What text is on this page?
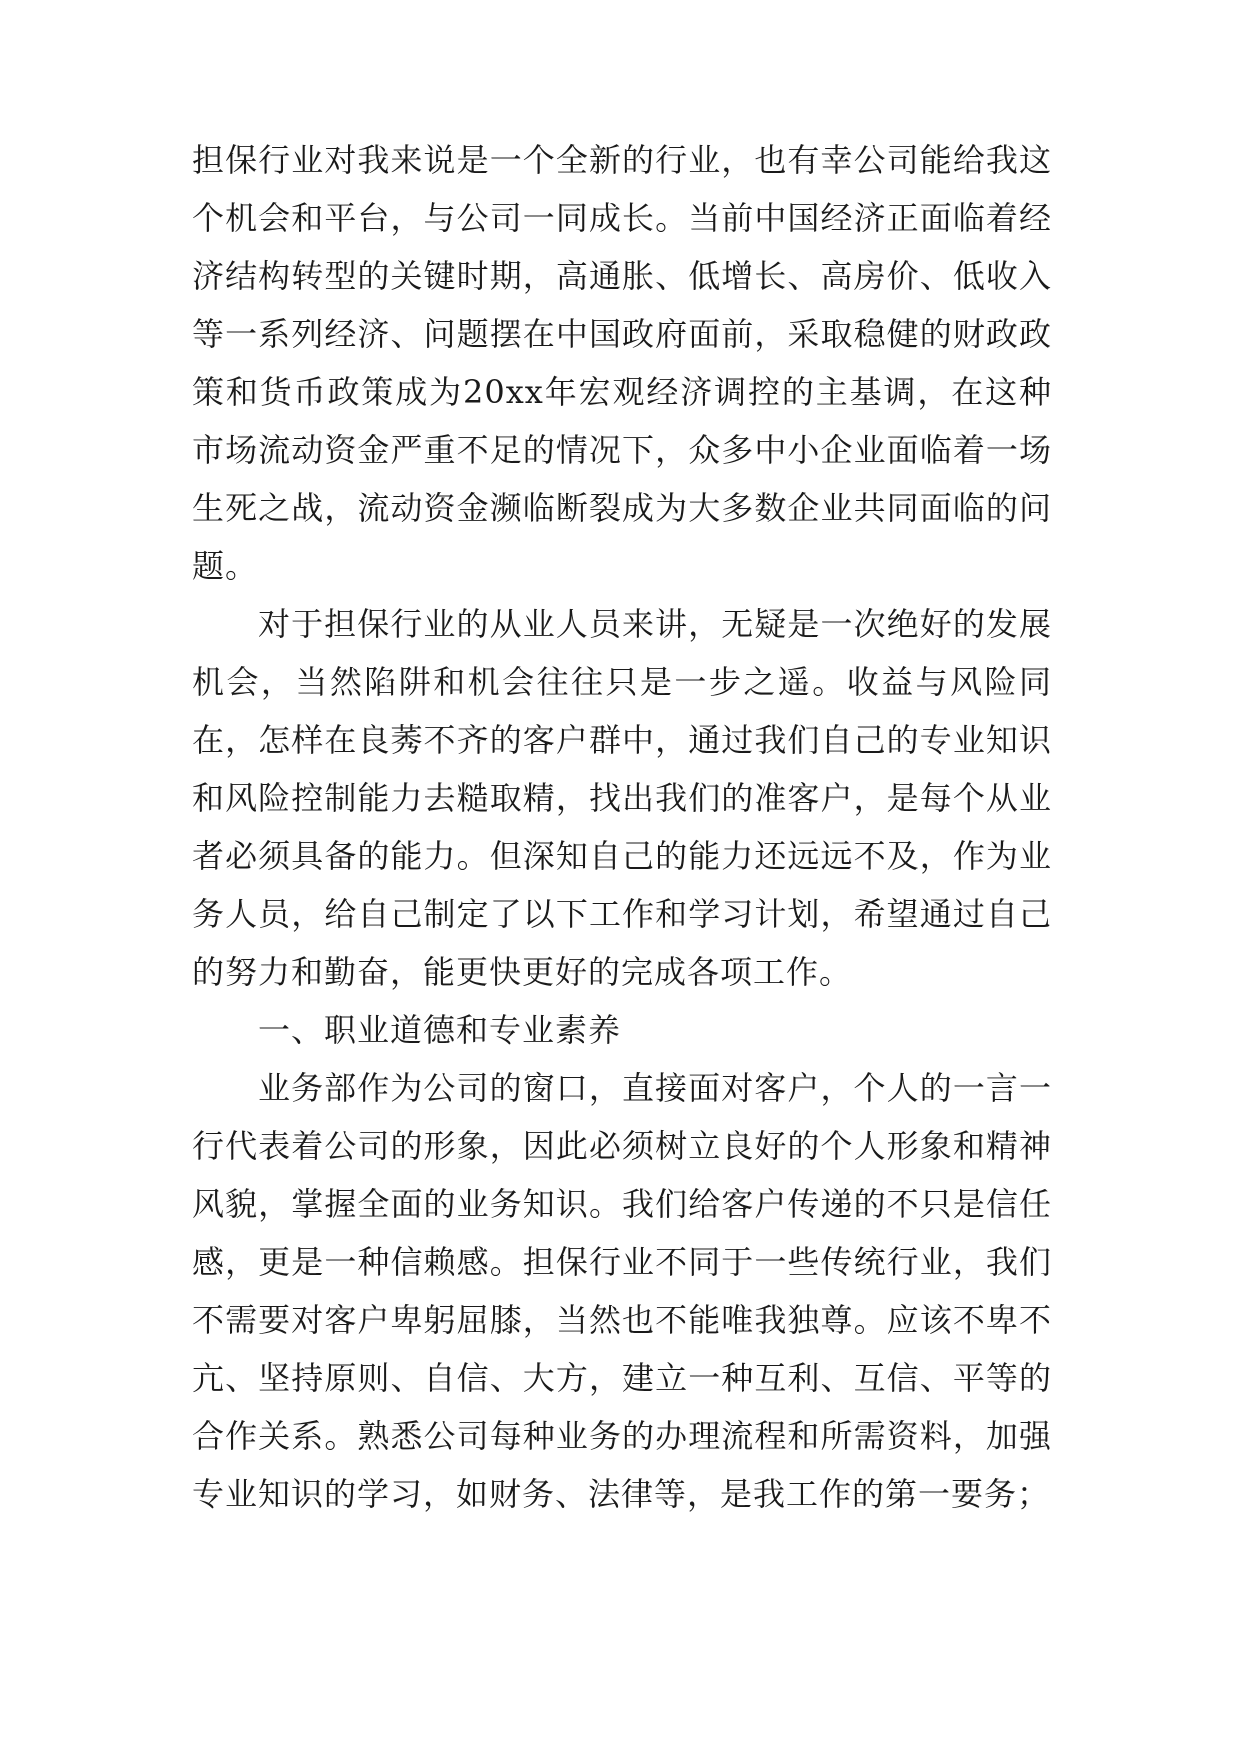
担保行业对我来说是一个全新的行业，也有幸公司能给我这个机会和平台，与公司一同成长。当前中国经济正面临着经济结构转型的关键时期，高通胀、低增长、高房价、低收入等一系列经济、问题摆在中国政府面前，采取稳健的财政政策和货币政策成为20xx年宏观经济调控的主基调，在这种市场流动资金严重不足的情况下，众多中小企业面临着一场生死之战，流动资金濒临断裂成为大多数企业共同面临的问题。

对于担保行业的从业人员来讲，无疑是一次绝好的发展机会，当然陷阱和机会往往只是一步之遥。收益与风险同在，怎样在良莠不齐的客户群中，通过我们自己的专业知识和风险控制能力去糙取精，找出我们的准客户，是每个从业者必须具备的能力。但深知自己的能力还远远不及，作为业务人员，给自己制定了以下工作和学习计划，希望通过自己的努力和勤奋，能更快更好的完成各项工作。

一、职业道德和专业素养

业务部作为公司的窗口，直接面对客户，个人的一言一行代表着公司的形象，因此必须树立良好的个人形象和精神风貌，掌握全面的业务知识。我们给客户传递的不只是信任感，更是一种信赖感。担保行业不同于一些传统行业，我们不需要对客户卑躬屈膝，当然也不能唯我独尊。应该不卑不亢、坚持原则、自信、大方，建立一种互利、互信、平等的合作关系。熟悉公司每种业务的办理流程和所需资料，加强专业知识的学习，如财务、法律等，是我工作的第一要务；
